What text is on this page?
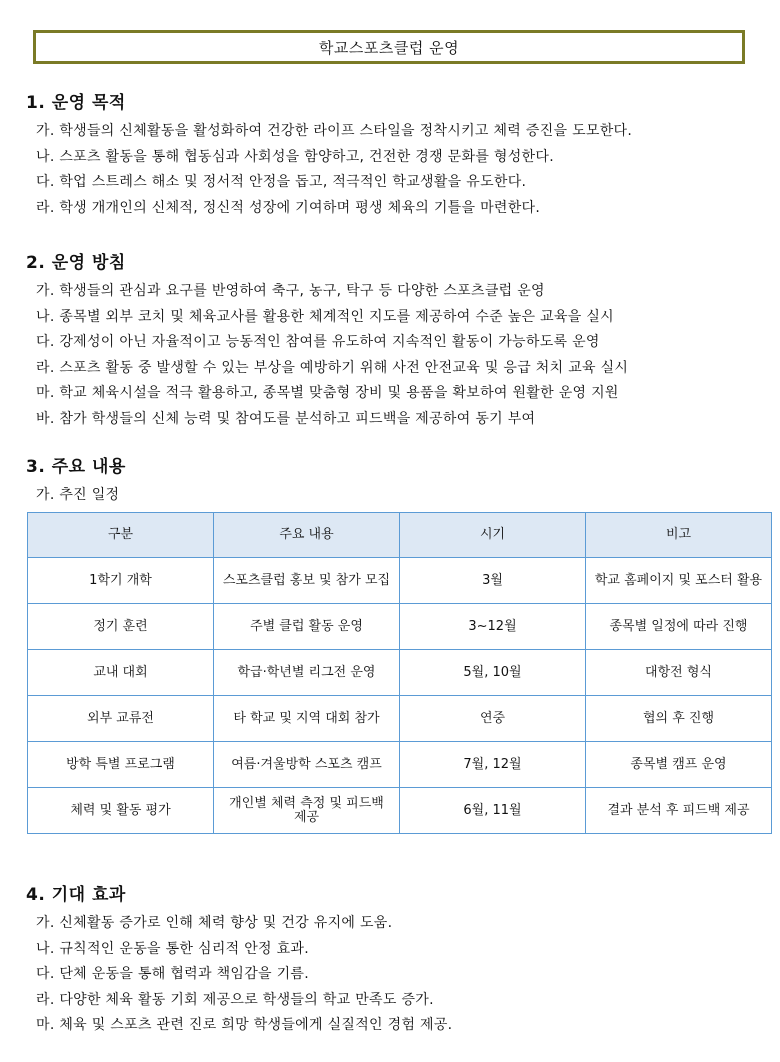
학교스포츠클럽 운영
1. 운영 목적
가. 학생들의 신체활동을 활성화하여 건강한 라이프 스타일을 정착시키고 체력 증진을 도모한다.
나. 스포츠 활동을 통해 협동심과 사회성을 함양하고, 건전한 경쟁 문화를 형성한다.
다. 학업 스트레스 해소 및 정서적 안정을 돕고, 적극적인 학교생활을 유도한다.
라. 학생 개개인의 신체적, 정신적 성장에 기여하며 평생 체육의 기틀을 마련한다.
2. 운영 방침
가. 학생들의 관심과 요구를 반영하여 축구, 농구, 탁구 등 다양한 스포츠클럽 운영
나. 종목별 외부 코치 및 체육교사를 활용한 체계적인 지도를 제공하여 수준 높은 교육을 실시
다. 강제성이 아닌 자율적이고 능동적인 참여를 유도하여 지속적인 활동이 가능하도록 운영
라. 스포츠 활동 중 발생할 수 있는 부상을 예방하기 위해 사전 안전교육 및 응급 처치 교육 실시
마. 학교 체육시설을 적극 활용하고, 종목별 맞춤형 장비 및 용품을 확보하여 원활한 운영 지원
바. 참가 학생들의 신체 능력 및 참여도를 분석하고 피드백을 제공하여 동기 부여
3. 주요 내용
가. 추진 일정
구분	주요 내용	시기	비고
1학기 개학	스포츠클럽 홍보 및 참가 모집	3월	학교 홈페이지 및 포스터 활용
정기 훈련	주별 클럽 활동 운영	3~12월	종목별 일정에 따라 진행
교내 대회	학급·학년별 리그전 운영	5월, 10월	대항전 형식
외부 교류전	타 학교 및 지역 대회 참가	연중	협의 후 진행
방학 특별 프로그램	여름·겨울방학 스포츠 캠프	7월, 12월	종목별 캠프 운영
체력 및 활동 평가	개인별 체력 측정 및 피드백 제공	6월, 11월	결과 분석 후 피드백 제공
4. 기대 효과
가. 신체활동 증가로 인해 체력 향상 및 건강 유지에 도움.
나. 규칙적인 운동을 통한 심리적 안정 효과.
다. 단체 운동을 통해 협력과 책임감을 기름.
라. 다양한 체육 활동 기회 제공으로 학생들의 학교 만족도 증가.
마. 체육 및 스포츠 관련 진로 희망 학생들에게 실질적인 경험 제공.
